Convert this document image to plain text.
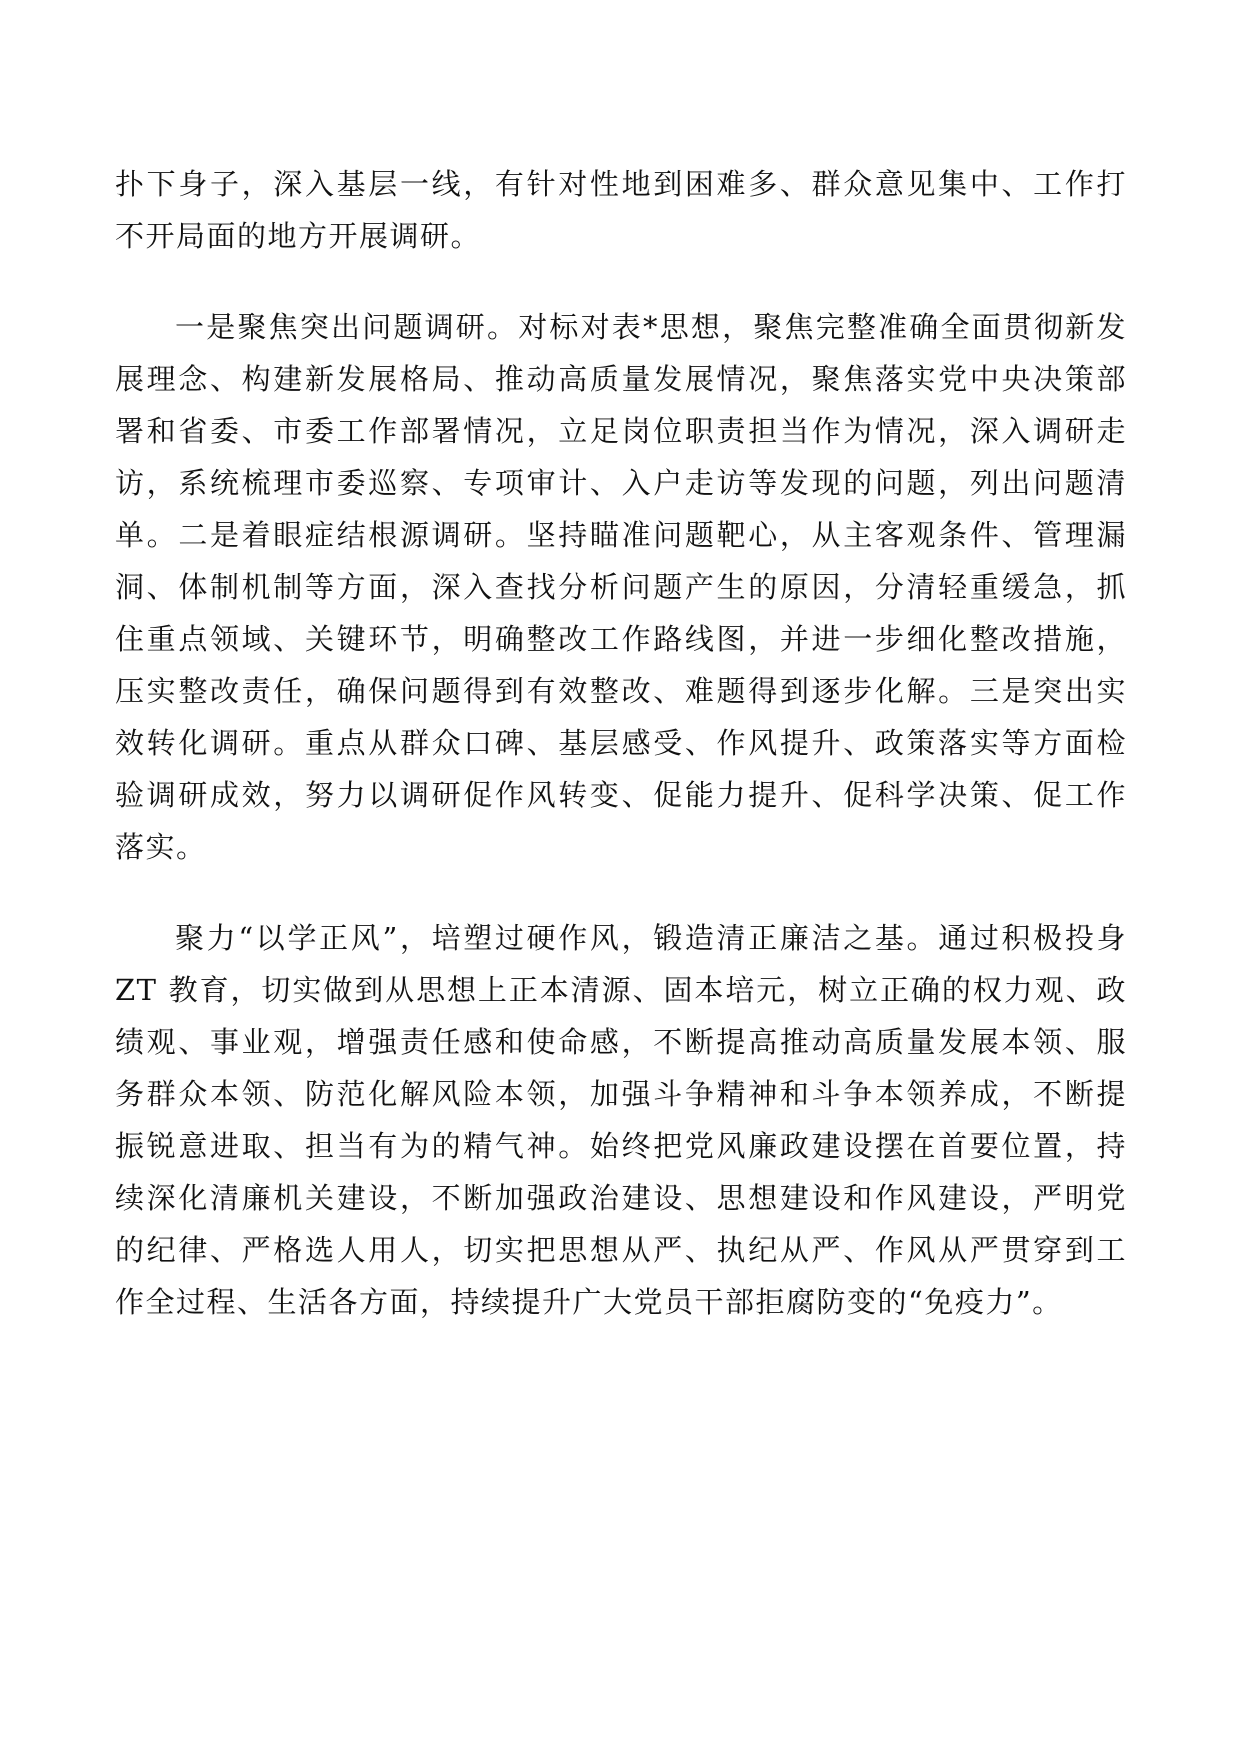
扑下身子，深入基层一线，有针对性地到困难多、群众意见集中、工作打
不开局面的地方开展调研。
一是聚焦突出问题调研。对标对表*思想，聚焦完整准确全面贯彻新发
展理念、构建新发展格局、推动高质量发展情况，聚焦落实党中央决策部
署和省委、市委工作部署情况，立足岗位职责担当作为情况，深入调研走
访，系统梳理市委巡察、专项审计、入户走访等发现的问题，列出问题清
单。二是着眼症结根源调研。坚持瞄准问题靶心，从主客观条件、管理漏
洞、体制机制等方面，深入查找分析问题产生的原因，分清轻重缓急，抓
住重点领域、关键环节，明确整改工作路线图，并进一步细化整改措施，
压实整改责任，确保问题得到有效整改、难题得到逐步化解。三是突出实
效转化调研。重点从群众口碑、基层感受、作风提升、政策落实等方面检
验调研成效，努力以调研促作风转变、促能力提升、促科学决策、促工作
落实。
聚力“以学正风”，培塑过硬作风，锻造清正廉洁之基。通过积极投身
ZT 教育，切实做到从思想上正本清源、固本培元，树立正确的权力观、政
绩观、事业观，增强责任感和使命感，不断提高推动高质量发展本领、服
务群众本领、防范化解风险本领，加强斗争精神和斗争本领养成，不断提
振锐意进取、担当有为的精气神。始终把党风廉政建设摆在首要位置，持
续深化清廉机关建设，不断加强政治建设、思想建设和作风建设，严明党
的纪律、严格选人用人，切实把思想从严、执纪从严、作风从严贯穿到工
作全过程、生活各方面，持续提升广大党员干部拒腐防变的“免疫力”。
